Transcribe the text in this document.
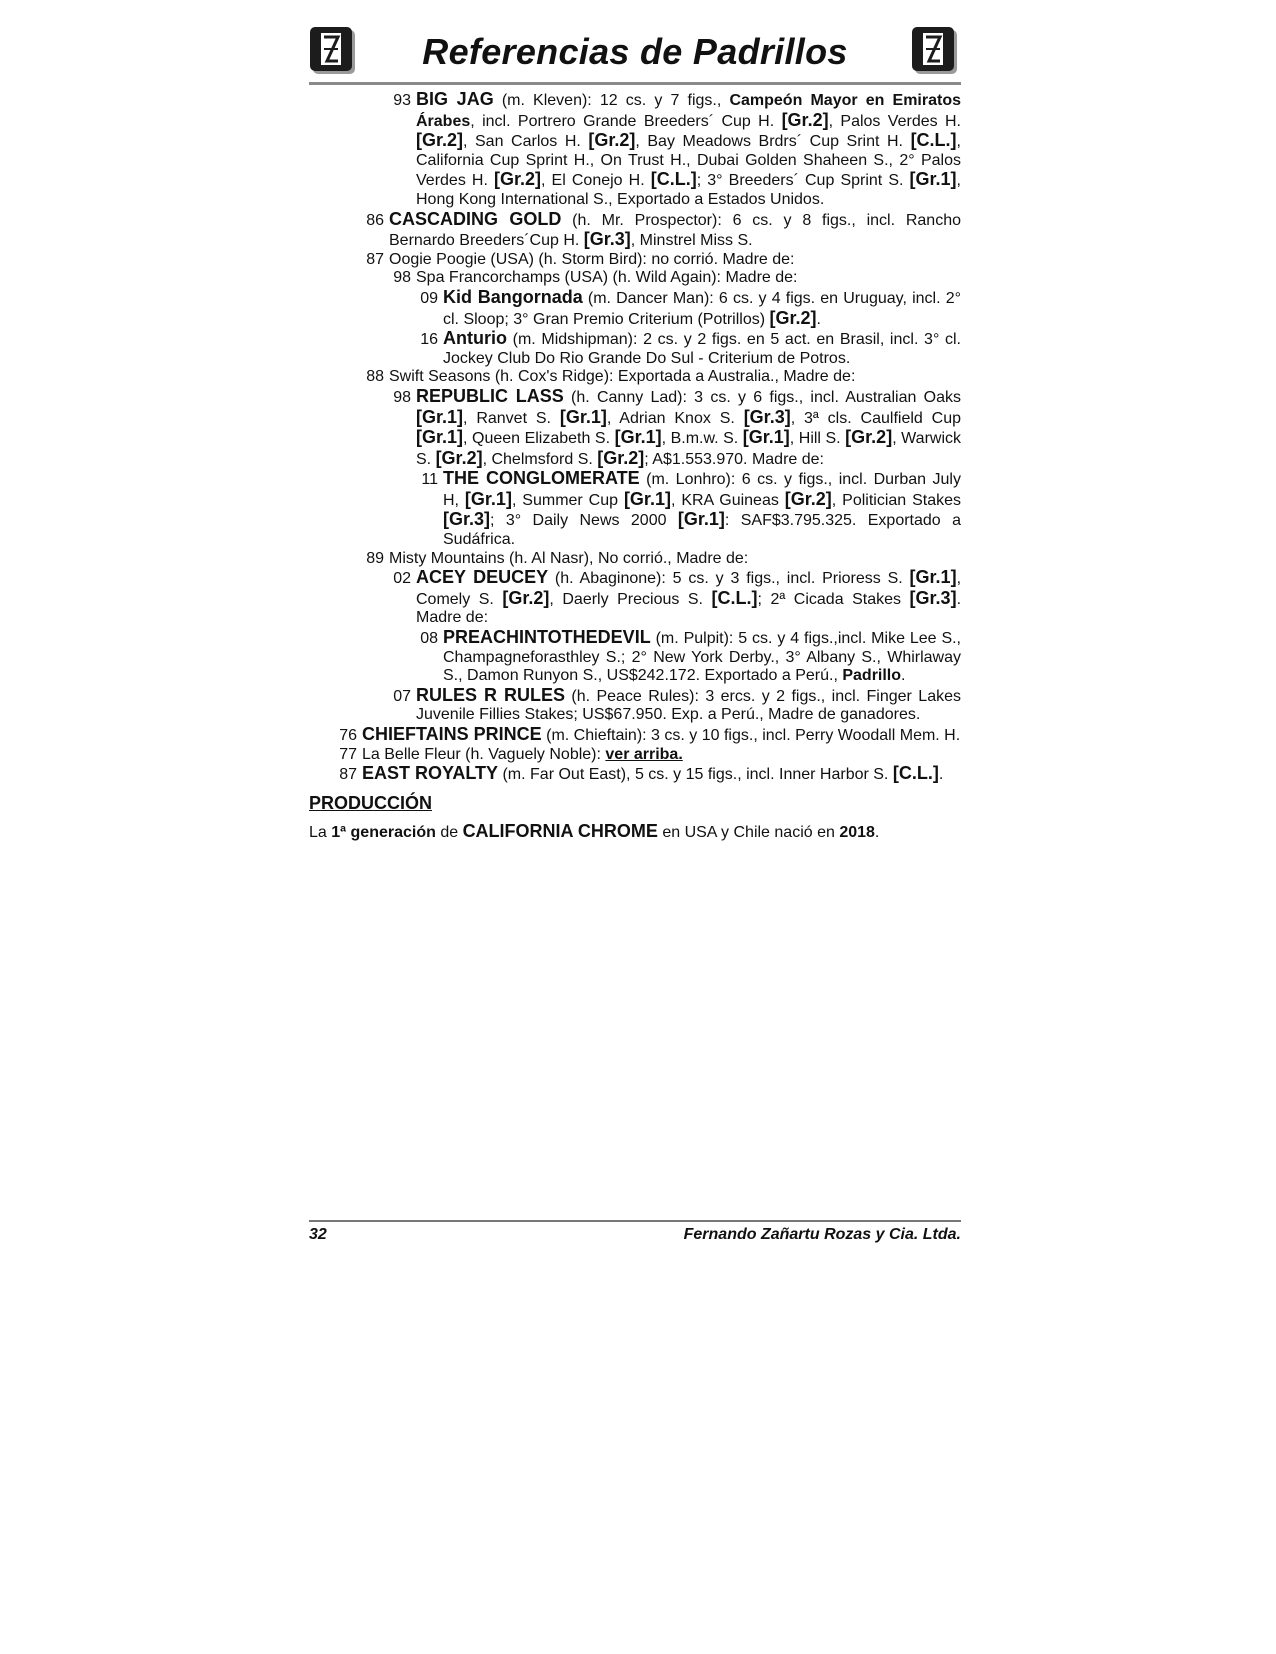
Referencias de Padrillos
93 BIG JAG (m. Kleven): 12 cs. y 7 figs., Campeón Mayor en Emiratos Árabes, incl. Portrero Grande Breeders´ Cup H. [Gr.2], Palos Verdes H. [Gr.2], San Carlos H. [Gr.2], Bay Meadows Brdrs´ Cup Srint H. [C.L.], California Cup Sprint H., On Trust H., Dubai Golden Shaheen S., 2° Palos Verdes H. [Gr.2], El Conejo H. [C.L.]; 3° Breeders´ Cup Sprint S. [Gr.1], Hong Kong International S., Exportado a Estados Unidos.
86 CASCADING GOLD (h. Mr. Prospector): 6 cs. y 8 figs., incl. Rancho Bernardo Breeders´Cup H. [Gr.3], Minstrel Miss S.
87 Oogie Poogie (USA) (h. Storm Bird): no corrió. Madre de:
98 Spa Francorchamps (USA) (h. Wild Again): Madre de:
09 Kid Bangornada (m. Dancer Man): 6 cs. y 4 figs. en Uruguay, incl. 2° cl. Sloop; 3° Gran Premio Criterium (Potrillos) [Gr.2].
16 Anturio (m. Midshipman): 2 cs. y 2 figs. en 5 act. en Brasil, incl. 3° cl. Jockey Club Do Rio Grande Do Sul - Criterium de Potros.
88 Swift Seasons (h. Cox's Ridge): Exportada a Australia., Madre de:
98 REPUBLIC LASS (h. Canny Lad): 3 cs. y 6 figs., incl. Australian Oaks [Gr.1], Ranvet S. [Gr.1], Adrian Knox S. [Gr.3], 3ª cls. Caulfield Cup [Gr.1], Queen Elizabeth S. [Gr.1], B.m.w. S. [Gr.1], Hill S. [Gr.2], Warwick S. [Gr.2], Chelmsford S. [Gr.2]; A$1.553.970. Madre de:
11 THE CONGLOMERATE (m. Lonhro): 6 cs. y figs., incl. Durban July H, [Gr.1], Summer Cup [Gr.1], KRA Guineas [Gr.2], Politician Stakes [Gr.3]; 3° Daily News 2000 [Gr.1]: SAF$3.795.325. Exportado a Sudáfrica.
89 Misty Mountains (h. Al Nasr), No corrió., Madre de:
02 ACEY DEUCEY (h. Abaginone): 5 cs. y 3 figs., incl. Prioress S. [Gr.1], Comely S. [Gr.2], Daerly Precious S. [C.L.]; 2ª Cicada Stakes [Gr.3]. Madre de:
08 PREACHINTOTHEDEVIL (m. Pulpit): 5 cs. y 4 figs.,incl. Mike Lee S., Champagneforasthley S.; 2° New York Derby., 3° Albany S., Whirlaway S., Damon Runyon S., US$242.172. Exportado a Perú., Padrillo.
07 RULES R RULES (h. Peace Rules): 3 ercs. y 2 figs., incl. Finger Lakes Juvenile Fillies Stakes; US$67.950. Exp. a Perú., Madre de ganadores.
76 CHIEFTAINS PRINCE (m. Chieftain): 3 cs. y 10 figs., incl. Perry Woodall Mem. H.
77 La Belle Fleur (h. Vaguely Noble): ver arriba.
87 EAST ROYALTY (m. Far Out East), 5 cs. y 15 figs., incl. Inner Harbor S. [C.L.].
PRODUCCIÓN
La 1ª generación de CALIFORNIA CHROME en USA y Chile nació en 2018.
32	Fernando Zañartu Rozas y Cia. Ltda.
